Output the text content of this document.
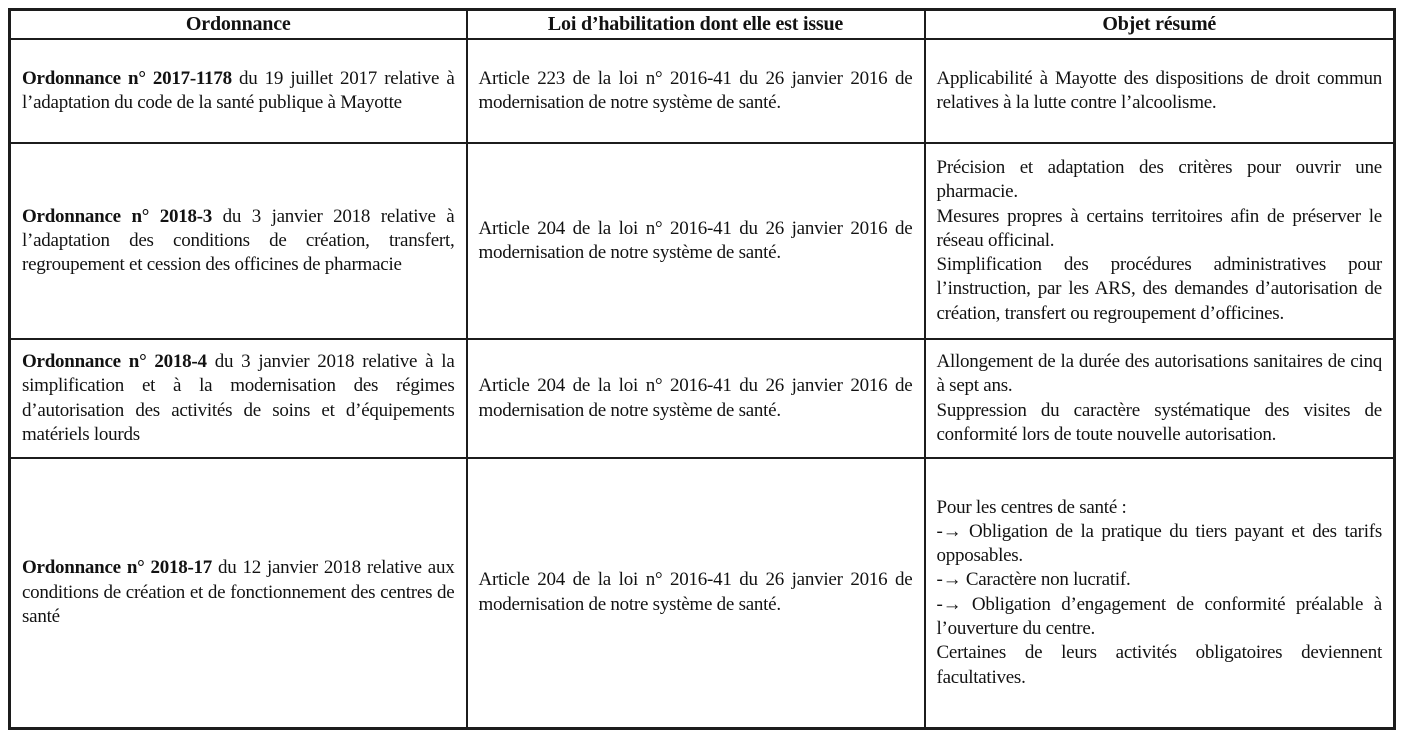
Ordonnance	Loi d’habilitation dont elle est issue	Objet résumé

Ordonnance n° 2017-1178 du 19 juillet 2017 relative à l’adaptation du code de la santé publique à Mayotte	Article 223 de la loi n° 2016-41 du 26 janvier 2016 de modernisation de notre système de santé.	Applicabilité à Mayotte des dispositions de droit commun relatives à la lutte contre l’alcoolisme.

Ordonnance n° 2018-3 du 3 janvier 2018 relative à l’adaptation des conditions de création, transfert, regroupement et cession des officines de pharmacie	Article 204 de la loi n° 2016-41 du 26 janvier 2016 de modernisation de notre système de santé.	Précision et adaptation des critères pour ouvrir une pharmacie.

Mesures propres à certains territoires afin de préserver le réseau officinal.

Simplification des procédures administratives pour l’instruction, par les ARS, des demandes d’autorisation de création, transfert ou regroupement d’officines.

Ordonnance n° 2018-4 du 3 janvier 2018 relative à la simplification et à la modernisation des régimes d’autorisation des activités de soins et d’équipements matériels lourds	Article 204 de la loi n° 2016-41 du 26 janvier 2016 de modernisation de notre système de santé.	Allongement de la durée des autorisations sanitaires de cinq à sept ans.

Suppression du caractère systématique des visites de conformité lors de toute nouvelle autorisation.

Ordonnance n° 2018-17 du 12 janvier 2018 relative aux conditions de création et de fonctionnement des centres de santé	Article 204 de la loi n° 2016-41 du 26 janvier 2016 de modernisation de notre système de santé.	Pour les centres de santé :

-→ Obligation de la pratique du tiers payant et des tarifs opposables.

-→ Caractère non lucratif.

-→ Obligation d’engagement de conformité préalable à l’ouverture du centre.

Certaines de leurs activités obligatoires deviennent facultatives.
